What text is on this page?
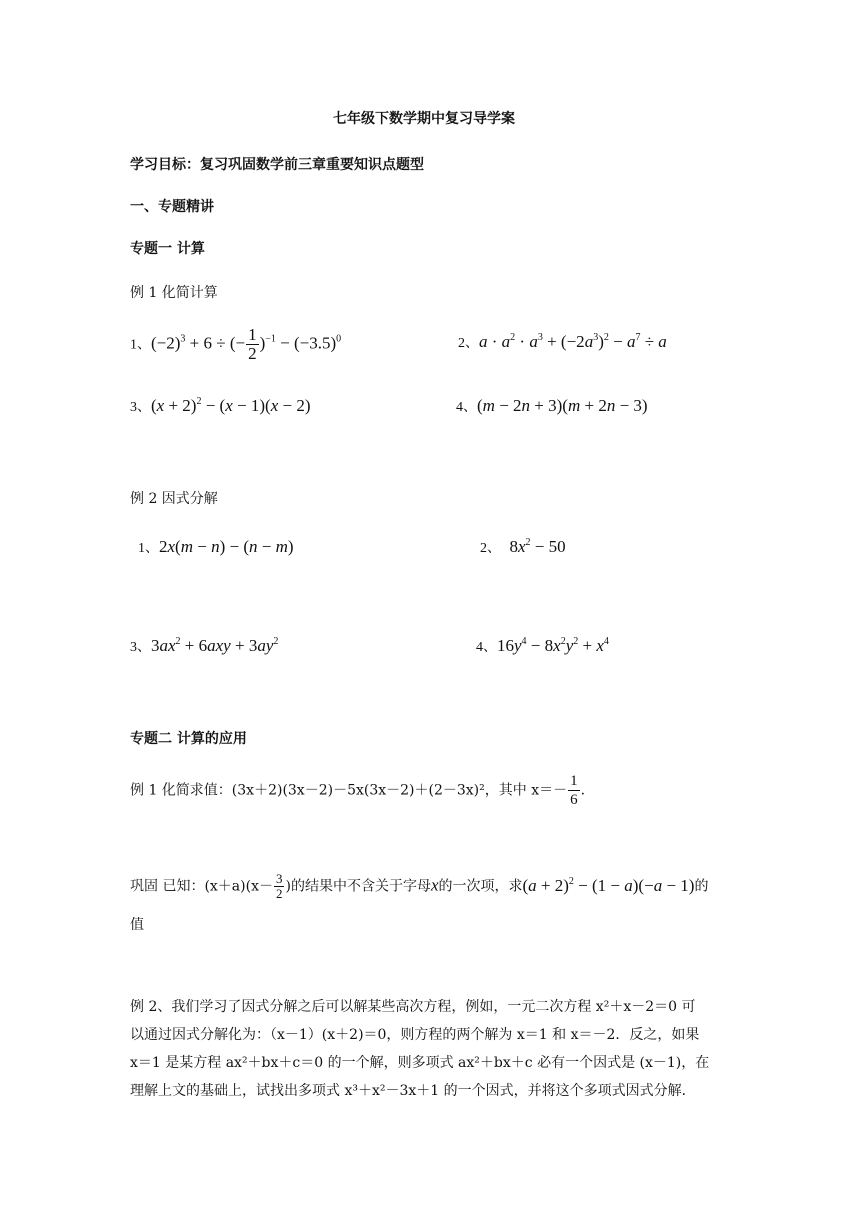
七年级下数学期中复习导学案
学习目标：复习巩固数学前三章重要知识点题型
一、专题精讲
专题一 计算
例 1 化简计算
1、$(-2)^3 + 6$ ÷ (− $\frac{1}{2} )^{-1} - (-3.5)^0$	2、$a \cdot a^2 \cdot a^3 + (-2a^3)^2 - a^7 \div a$
3、$(x + 2)^2 - (x - 1)(x - 2)$	4、(m − 2n + 3)(m + 2n − 3)
例 2 因式分解
1、2x(m − n) − (n − m)	2、  $8x^2 - 50$
3、$3ax^2 + 6axy + 3ay^2$	4、$16y^4 - 8x^2y^2 + x^4$
专题二 计算的应用
例 1 化简求值：(3x＋2)(3x－2)－5x(3x－2)＋(2－3x)²，其中 $x=- \frac{1}{6}$ .
巩固 已知：$(x+a)(x- \frac{3}{2}$ )的结果中不含关于字母x的一次项，求$(a + 2)^2 - (1 - a)(-a - 1)$的
值
例 2、我们学习了因式分解之后可以解某些高次方程，例如，一元二次方程 x²＋x－2＝0 可
以通过因式分解化为：（x－1）(x＋2)＝0，则方程的两个解为 x＝1 和 x＝－2．反之，如果
x＝1 是某方程 ax²＋bx＋c＝0 的一个解，则多项式 ax²＋bx＋c 必有一个因式是 (x－1)，在
理解上文的基础上，试找出多项式 x³＋x²－3x＋1 的一个因式，并将这个多项式因式分解．
